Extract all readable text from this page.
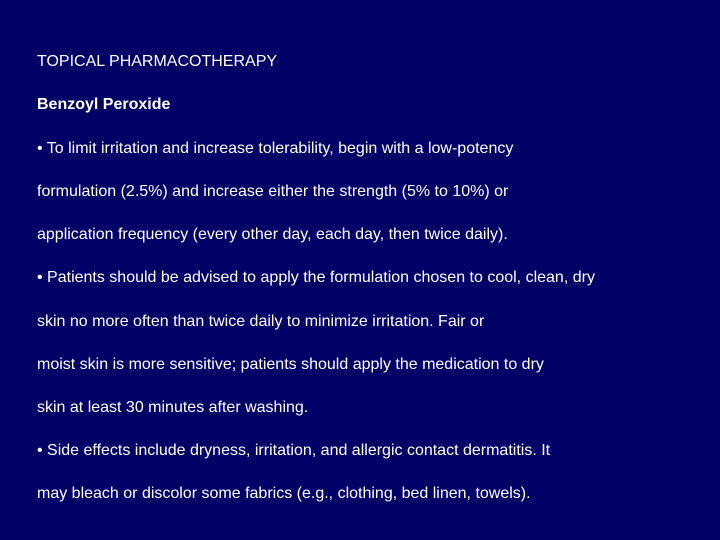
TOPICAL PHARMACOTHERAPY

Benzoyl Peroxide

• To limit irritation and increase tolerability, begin with a low-potency

formulation (2.5%) and increase either the strength (5% to 10%) or

application frequency (every other day, each day, then twice daily).

• Patients should be advised to apply the formulation chosen to cool, clean, dry

skin no more often than twice daily to minimize irritation. Fair or

moist skin is more sensitive; patients should apply the medication to dry

skin at least 30 minutes after washing.

• Side effects include dryness, irritation, and allergic contact dermatitis. It

may bleach or discolor some fabrics (e.g., clothing, bed linen, towels).
